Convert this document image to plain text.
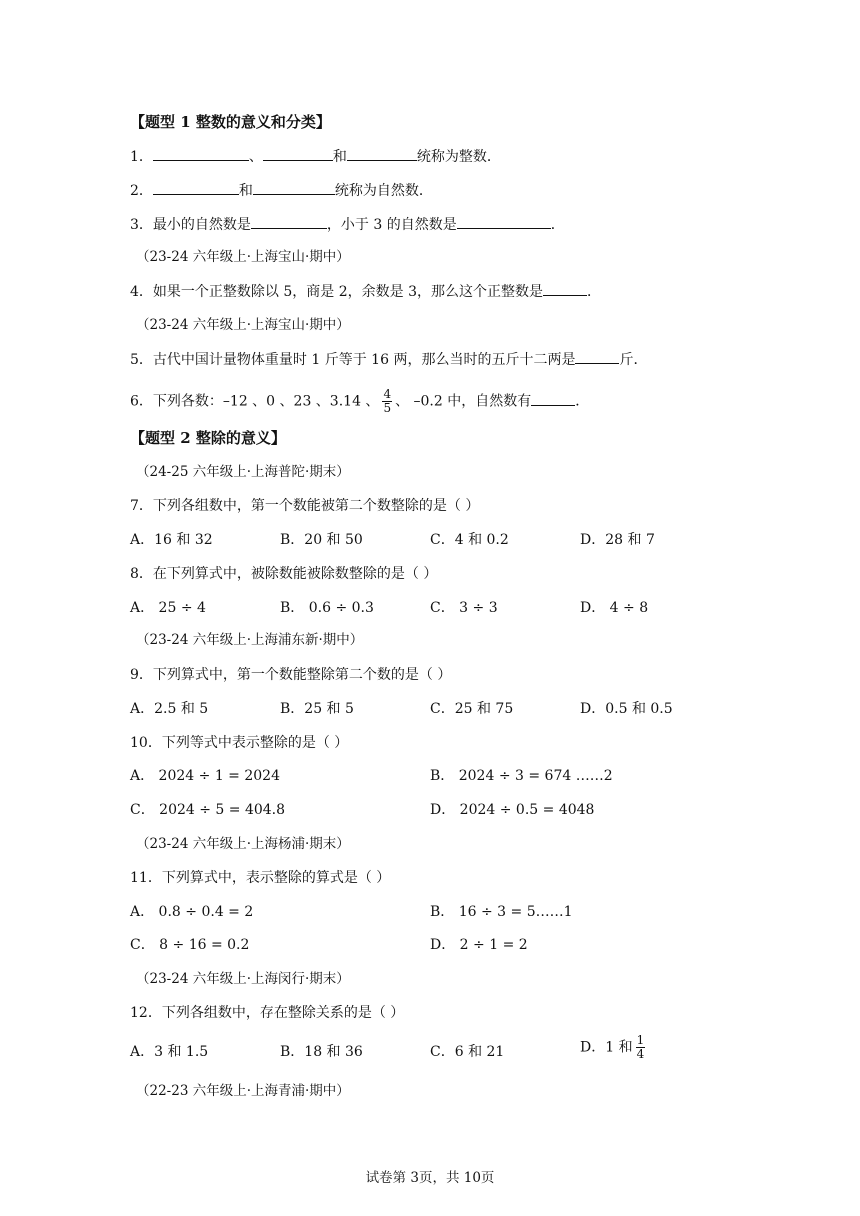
【题型 1 整数的意义和分类】
1．	、	和	统称为整数．
2．	和	统称为自然数．
3．最小的自然数是	，小于 3 的自然数是	．
（23-24 六年级上·上海宝山·期中）
4．如果一个正整数除以 5，商是 2，余数是 3，那么这个正整数是	．
（23-24 六年级上·上海宝山·期中）
5．古代中国计量物体重量时 1 斤等于 16 两，那么当时的五斤十二两是	斤．
6．下列各数：–12 、0 、23 、3.14 、 $\frac{4}{5}$ 、 –0.2 中，自然数有	．
【题型 2 整除的意义】
（24-25 六年级上·上海普陀·期末）
7．下列各组数中，第一个数能被第二个数整除的是（ ）
A．16 和 32	B．20 和 50	C．4 和 0.2	D．28 和 7
8．在下列算式中，被除数能被除数整除的是（ ）
A． 25 ÷ 4	B． 0.6 ÷ 0.3	C． 3 ÷ 3	D． 4 ÷ 8
（23-24 六年级上·上海浦东新·期中）
9．下列算式中，第一个数能整除第二个数的是（ ）
A．2.5 和 5	B．25 和 5	C．25 和 75	D．0.5 和 0.5
10．下列等式中表示整除的是（ ）
A． 2024 ÷ 1 = 2024	B． 2024 ÷ 3 = 674 ……2
C． 2024 ÷ 5 = 404.8	D． 2024 ÷ 0.5 = 4048
（23-24 六年级上·上海杨浦·期末）
11．下列算式中，表示整除的算式是（ ）
A． 0.8 ÷ 0.4 = 2	B． 16 ÷ 3 = 5……1
C． 8 ÷ 16 = 0.2	D． 2 ÷ 1 = 2
（23-24 六年级上·上海闵行·期末）
12．下列各组数中，存在整除关系的是（ ）
A．3 和 1.5	B．18 和 36	C．6 和 21	D．1 和 $\frac{1}{4}$
（22-23 六年级上·上海青浦·期中）
试卷第 3页，共 10页
